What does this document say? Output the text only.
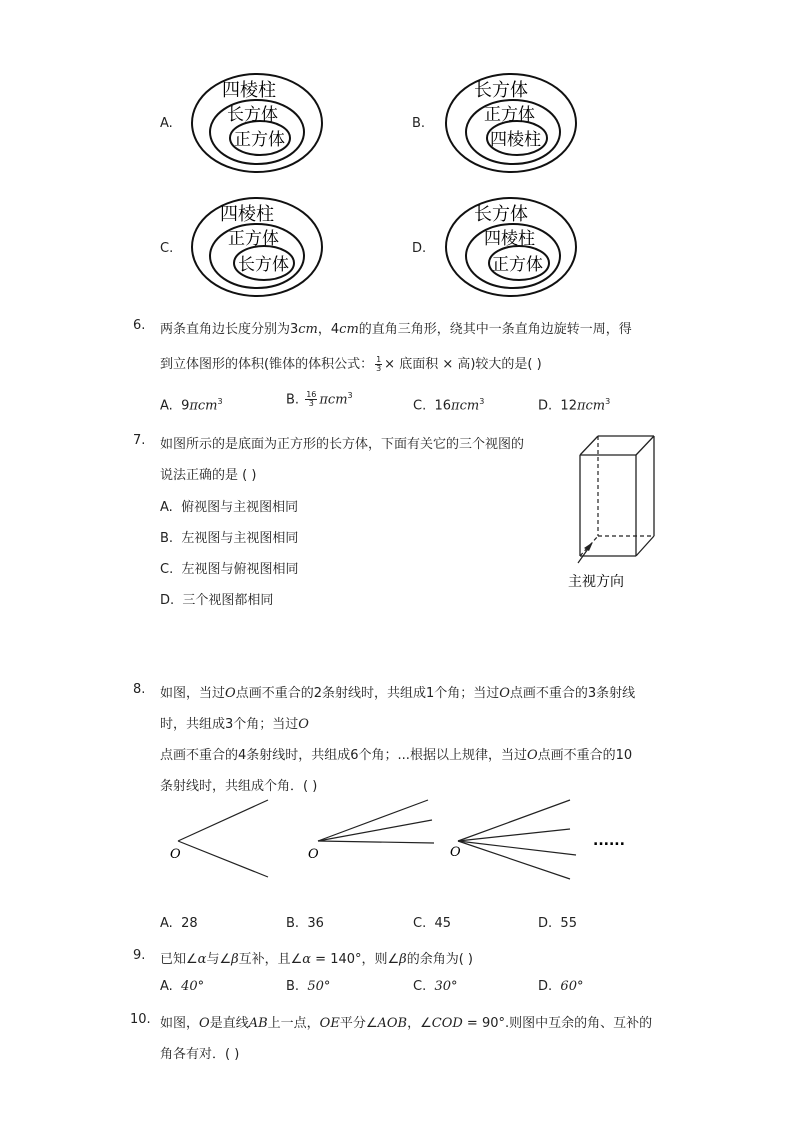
A.
四棱柱
长方体
正方体
B.
长方体
正方体
四棱柱
C.
四棱柱
正方体
长方体
D.
长方体
四棱柱
正方体
6. 两条直角边长度分别为3cm，4cm的直角三角形，绕其中一条直角边旋转一周，得
到立体图形的体积(锥体的体积公式： $\frac{1}{3}$ × 底面积 × 高)较大的是( )
A. 9πcm$^3$	B. $\frac{16}{3} \pi cm^3$
C. 16πcm$^3$	D. 12πcm$^3$
7. 如图所示的是底面为正方形的长方体，下面有关它的三个视图的
说法正确的是 ( )
A. 俯视图与主视图相同
B. 左视图与主视图相同
C. 左视图与俯视图相同
D. 三个视图都相同
主视方向
8. 如图，当过O点画不重合的2条射线时，共组成1个角；当过O点画不重合的3条射线
时，共组成3个角；当过O
点画不重合的4条射线时，共组成6个角；...根据以上规律，当过O点画不重合的10
条射线时，共组成个角．( )
O	O	O
......
A. 28	B. 36	C. 45	D. 55
9. 已知∠α与∠β互补，且∠α = 140°，则∠β的余角为( )
A. 40°	B. 50°	C. 30°	D. 60°
10. 如图，O是直线AB上一点，OE平分∠AOB，∠COD = 90°.则图中互余的角、互补的
角各有对．( )
